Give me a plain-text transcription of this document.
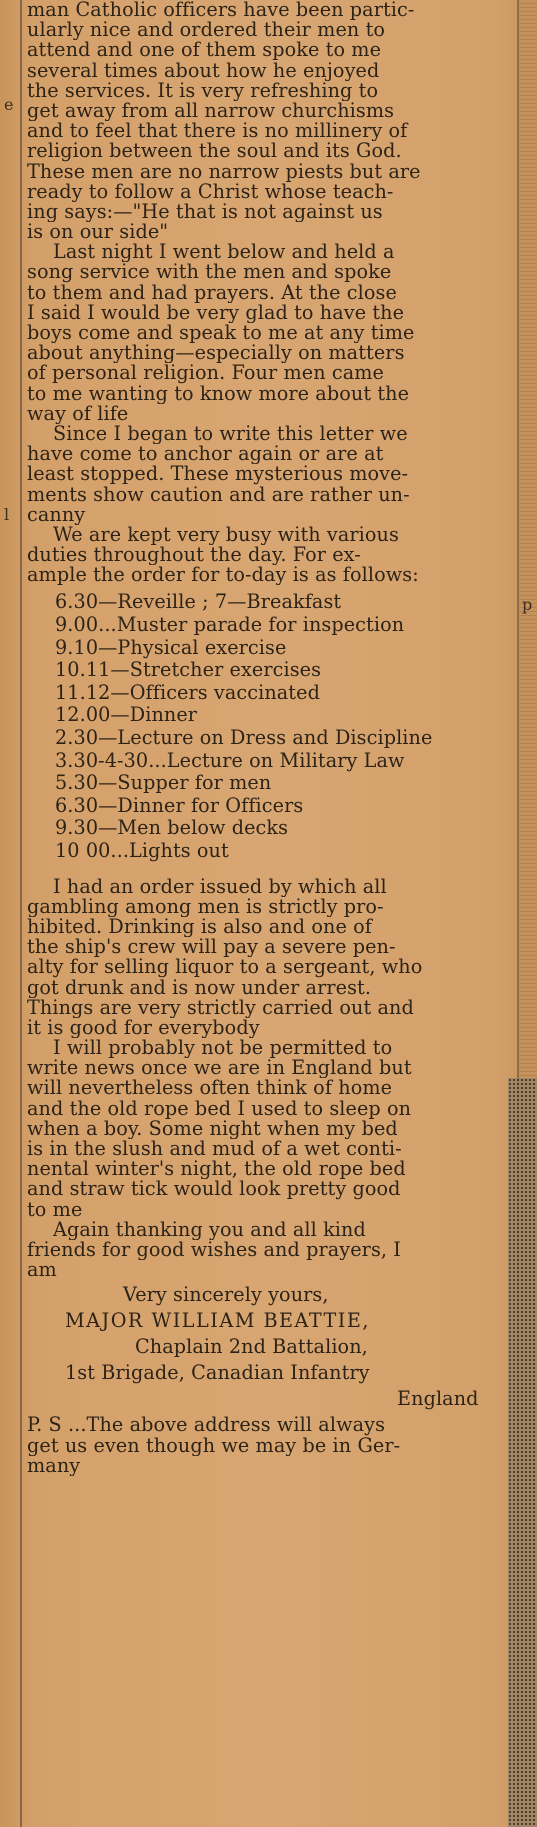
e
l
p
man Catholic officers have been partic-
ularly nice and ordered their men to
attend and one of them spoke to me
several times about how he enjoyed
the services. It is very refreshing to
get away from all narrow churchisms
and to feel that there is no millinery of
religion between the soul and its God.
These men are no narrow piests but are
ready to follow a Christ whose teach-
ing says:—"He that is not against us
is on our side"
Last night I went below and held a
song service with the men and spoke
to them and had prayers. At the close
I said I would be very glad to have the
boys come and speak to me at any time
about anything—especially on matters
of personal religion. Four men came
to me wanting to know more about the
way of life
Since I began to write this letter we
have come to anchor again or are at
least stopped. These mysterious move-
ments show caution and are rather un-
canny
We are kept very busy with various
duties throughout the day. For ex-
ample the order for to-day is as follows:
6.30—Reveille ; 7—Breakfast
9.00...Muster parade for inspection
9.10—Physical exercise
10.11—Stretcher exercises
11.12—Officers vaccinated
12.00—Dinner
2.30—Lecture on Dress and Discipline
3.30-4-30...Lecture on Military Law
5.30—Supper for men
6.30—Dinner for Officers
9.30—Men below decks
10 00...Lights out
I had an order issued by which all
gambling among men is strictly pro-
hibited. Drinking is also and one of
the ship's crew will pay a severe pen-
alty for selling liquor to a sergeant, who
got drunk and is now under arrest.
Things are very strictly carried out and
it is good for everybody
I will probably not be permitted to
write news once we are in England but
will nevertheless often think of home
and the old rope bed I used to sleep on
when a boy. Some night when my bed
is in the slush and mud of a wet conti-
nental winter's night, the old rope bed
and straw tick would look pretty good
to me
Again thanking you and all kind
friends for good wishes and prayers, I
am
Very sincerely yours,
MAJOR WILLIAM BEATTIE,
Chaplain 2nd Battalion,
1st Brigade, Canadian Infantry
England
P. S ...The above address will always
get us even though we may be in Ger-
many
